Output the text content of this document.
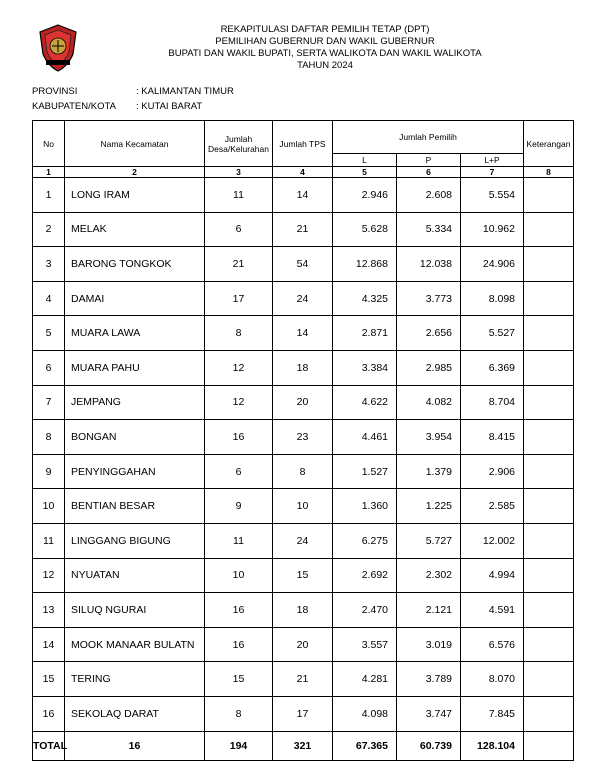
REKAPITULASI DAFTAR PEMILIH TETAP (DPT)
PEMILIHAN GUBERNUR DAN WAKIL GUBERNUR
BUPATI DAN WAKIL BUPATI, SERTA WALIKOTA DAN WAKIL WALIKOTA
TAHUN 2024
PROVINSI	: KALIMANTAN TIMUR
KABUPATEN/KOTA	: KUTAI BARAT
No	Nama Kecamatan	Jumlah Desa/Kelurahan	Jumlah TPS	Jumlah Pemilih			Keterangan
				L	P	L+P	
1	2	3	4	5	6	7	8
1	LONG IRAM	11	14	2.946	2.608	5.554	
2	MELAK	6	21	5.628	5.334	10.962	
3	BARONG TONGKOK	21	54	12.868	12.038	24.906	
4	DAMAI	17	24	4.325	3.773	8.098	
5	MUARA LAWA	8	14	2.871	2.656	5.527	
6	MUARA PAHU	12	18	3.384	2.985	6.369	
7	JEMPANG	12	20	4.622	4.082	8.704	
8	BONGAN	16	23	4.461	3.954	8.415	
9	PENYINGGAHAN	6	8	1.527	1.379	2.906	
10	BENTIAN BESAR	9	10	1.360	1.225	2.585	
11	LINGGANG BIGUNG	11	24	6.275	5.727	12.002	
12	NYUATAN	10	15	2.692	2.302	4.994	
13	SILUQ NGURAI	16	18	2.470	2.121	4.591	
14	MOOK MANAAR BULATN	16	20	3.557	3.019	6.576	
15	TERING	15	21	4.281	3.789	8.070	
16	SEKOLAQ DARAT	8	17	4.098	3.747	7.845	
TOTAL	16	194	321	67.365	60.739	128.104	
